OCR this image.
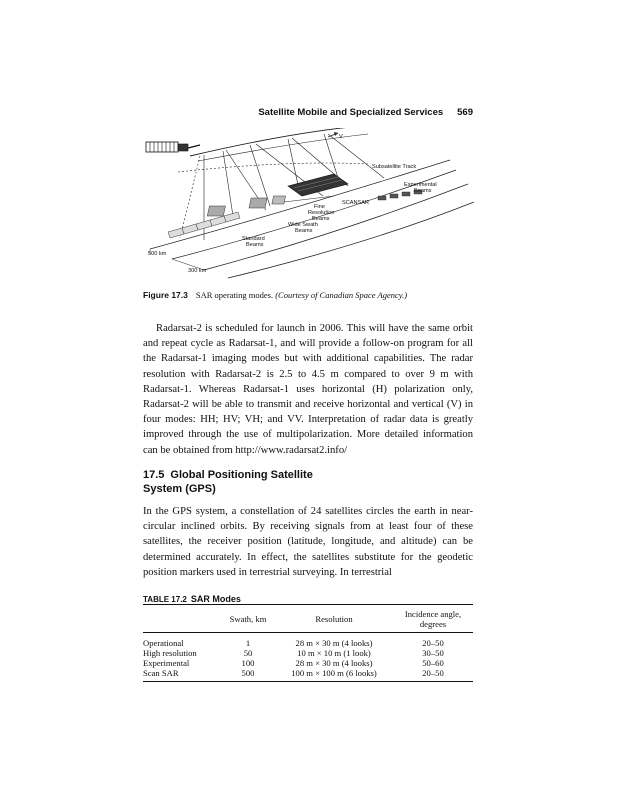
Satellite Mobile and Specialized Services 569
V
Subsatellite Track
Experimental
Beams
SCANSAR
Fine
Resolution
Beams
Wide Swath
Beams
Standard
Beams
500 km
300 km
Figure 17.3 SAR operating modes. (Courtesy of Canadian Space Agency.)

Radarsat-2 is scheduled for launch in 2006. This will have the same orbit and repeat cycle as Radarsat-1, and will provide a follow-on program for all the Radarsat-1 imaging modes but with additional capabilities. The radar resolution with Radarsat-2 is 2.5 to 4.5 m compared to over 9 m with Radarsat-1. Whereas Radarsat-1 uses horizontal (H) polarization only, Radarsat-2 will be able to transmit and receive horizontal and vertical (V) in four modes: HH; HV; VH; and VV. Interpretation of radar data is greatly improved through the use of multipolarization. More detailed information can be obtained from http://www.radarsat2.info/

17.5 Global Positioning Satellite
System (GPS)

In the GPS system, a constellation of 24 satellites circles the earth in near-circular inclined orbits. By receiving signals from at least four of these satellites, the receiver position (latitude, longitude, and altitude) can be determined accurately. In effect, the satellites substitute for the geodetic position markers used in terrestrial surveying. In terrestrial

TABLE 17.2 SAR Modes
	Swath, km	Resolution	Incidence angle, degrees
Operational	1	28 m × 30 m (4 looks)	20–50
High resolution	50	10 m × 10 m (1 look)	30–50
Experimental	100	28 m × 30 m (4 looks)	50–60
Scan SAR	500	100 m × 100 m (6 looks)	20–50
